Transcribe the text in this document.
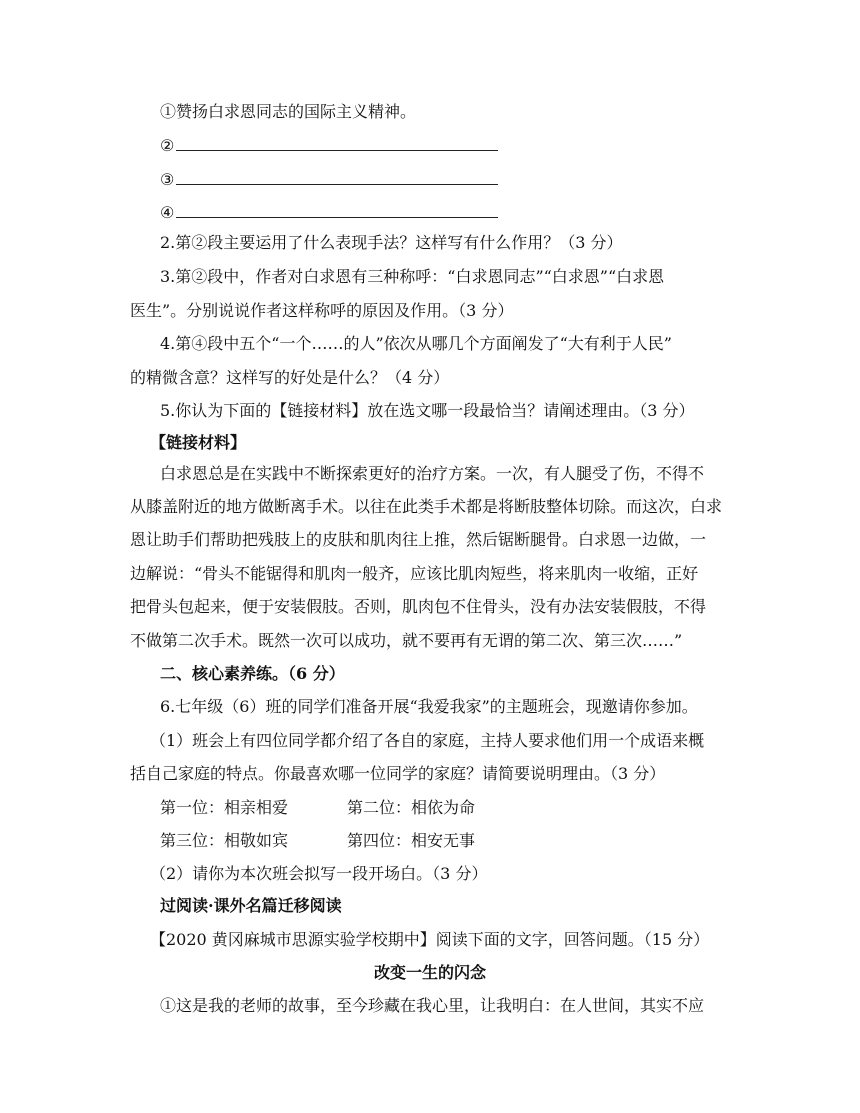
①赞扬白求恩同志的国际主义精神。
②
③
④
2.第②段主要运用了什么表现手法？这样写有什么作用？（3 分）
3.第②段中，作者对白求恩有三种称呼：“白求恩同志”“白求恩”“白求恩
医生”。分别说说作者这样称呼的原因及作用。（3 分）
4.第④段中五个“一个……的人”依次从哪几个方面阐发了“大有利于人民”
的精微含意？这样写的好处是什么？（4 分）
5.你认为下面的【链接材料】放在选文哪一段最恰当？请阐述理由。（3 分）
【链接材料】
白求恩总是在实践中不断探索更好的治疗方案。一次，有人腿受了伤，不得不
从膝盖附近的地方做断离手术。以往在此类手术都是将断肢整体切除。而这次，白求
恩让助手们帮助把残肢上的皮肤和肌肉往上推，然后锯断腿骨。白求恩一边做，一
边解说：“骨头不能锯得和肌肉一般齐，应该比肌肉短些，将来肌肉一收缩，正好
把骨头包起来，便于安装假肢。否则，肌肉包不住骨头，没有办法安装假肢，不得
不做第二次手术。既然一次可以成功，就不要再有无谓的第二次、第三次……”
二、核心素养练。（6 分）
6.七年级（6）班的同学们准备开展“我爱我家”的主题班会，现邀请你参加。
（1）班会上有四位同学都介绍了各自的家庭，主持人要求他们用一个成语来概
括自己家庭的特点。你最喜欢哪一位同学的家庭？请简要说明理由。（3 分）
第一位：相亲相爱	第二位：相依为命
第三位：相敬如宾	第四位：相安无事
（2）请你为本次班会拟写一段开场白。（3 分）
过阅读·课外名篇迁移阅读
【2020 黄冈麻城市思源实验学校期中】阅读下面的文字，回答问题。（15 分）
改变一生的闪念
①这是我的老师的故事，至今珍藏在我心里，让我明白：在人世间，其实不应
